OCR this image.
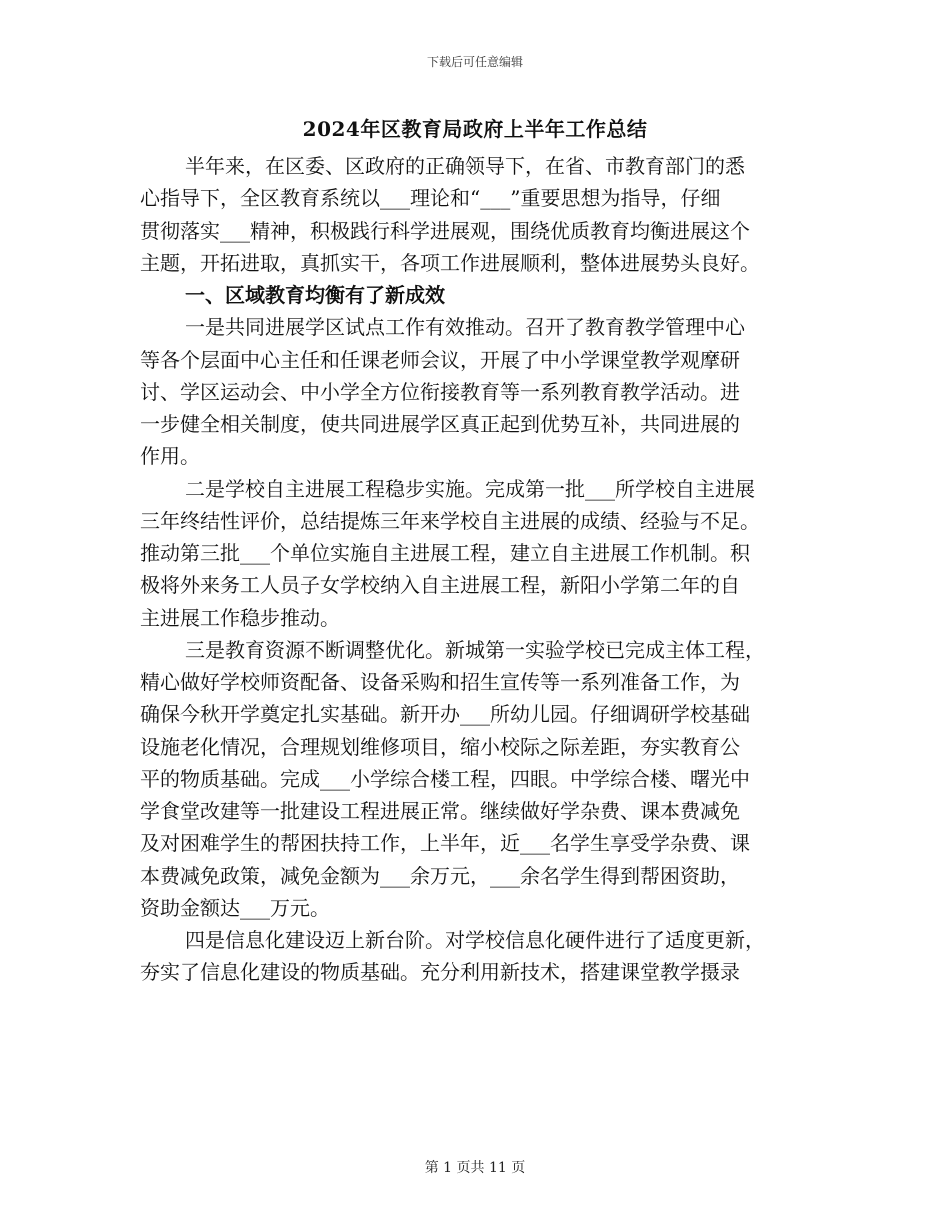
下载后可任意编辑
2024年区教育局政府上半年工作总结
半年来，在区委、区政府的正确领导下，在省、市教育部门的悉
心指导下，全区教育系统以___理论和“___”重要思想为指导，仔细
贯彻落实___精神，积极践行科学进展观，围绕优质教育均衡进展这个
主题，开拓进取，真抓实干，各项工作进展顺利，整体进展势头良好。
一、区域教育均衡有了新成效
一是共同进展学区试点工作有效推动。召开了教育教学管理中心
等各个层面中心主任和任课老师会议，开展了中小学课堂教学观摩研
讨、学区运动会、中小学全方位衔接教育等一系列教育教学活动。进
一步健全相关制度，使共同进展学区真正起到优势互补，共同进展的
作用。
二是学校自主进展工程稳步实施。完成第一批___所学校自主进展
三年终结性评价，总结提炼三年来学校自主进展的成绩、经验与不足。
推动第三批___个单位实施自主进展工程，建立自主进展工作机制。积
极将外来务工人员子女学校纳入自主进展工程，新阳小学第二年的自
主进展工作稳步推动。
三是教育资源不断调整优化。新城第一实验学校已完成主体工程，
精心做好学校师资配备、设备采购和招生宣传等一系列准备工作，为
确保今秋开学奠定扎实基础。新开办___所幼儿园。仔细调研学校基础
设施老化情况，合理规划维修项目，缩小校际之际差距，夯实教育公
平的物质基础。完成___小学综合楼工程，四眼。中学综合楼、曙光中
学食堂改建等一批建设工程进展正常。继续做好学杂费、课本费减免
及对困难学生的帮困扶持工作，上半年，近___名学生享受学杂费、课
本费减免政策，减免金额为___余万元，___余名学生得到帮困资助，
资助金额达___万元。
四是信息化建设迈上新台阶。对学校信息化硬件进行了适度更新，
夯实了信息化建设的物质基础。充分利用新技术，搭建课堂教学摄录
第 1 页共 11 页
